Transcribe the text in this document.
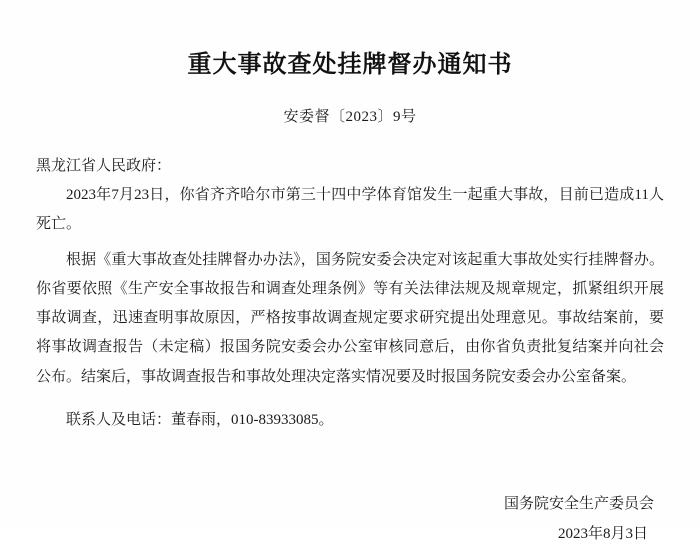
重大事故查处挂牌督办通知书
安委督〔2023〕9号
黑龙江省人民政府：

2023年7月23日，你省齐齐哈尔市第三十四中学体育馆发生一起重大事故，目前已造成11人死亡。

根据《重大事故查处挂牌督办办法》，国务院安委会决定对该起重大事故处实行挂牌督办。你省要依照《生产安全事故报告和调查处理条例》等有关法律法规及规章规定，抓紧组织开展事故调查，迅速查明事故原因，严格按事故调查规定要求研究提出处理意见。事故结案前，要将事故调查报告（未定稿）报国务院安委会办公室审核同意后，由你省负责批复结案并向社会公布。结案后，事故调查报告和事故处理决定落实情况要及时报国务院安委会办公室备案。

联系人及电话：董春雨，010-83933085。

国务院安全生产委员会
2023年8月3日
